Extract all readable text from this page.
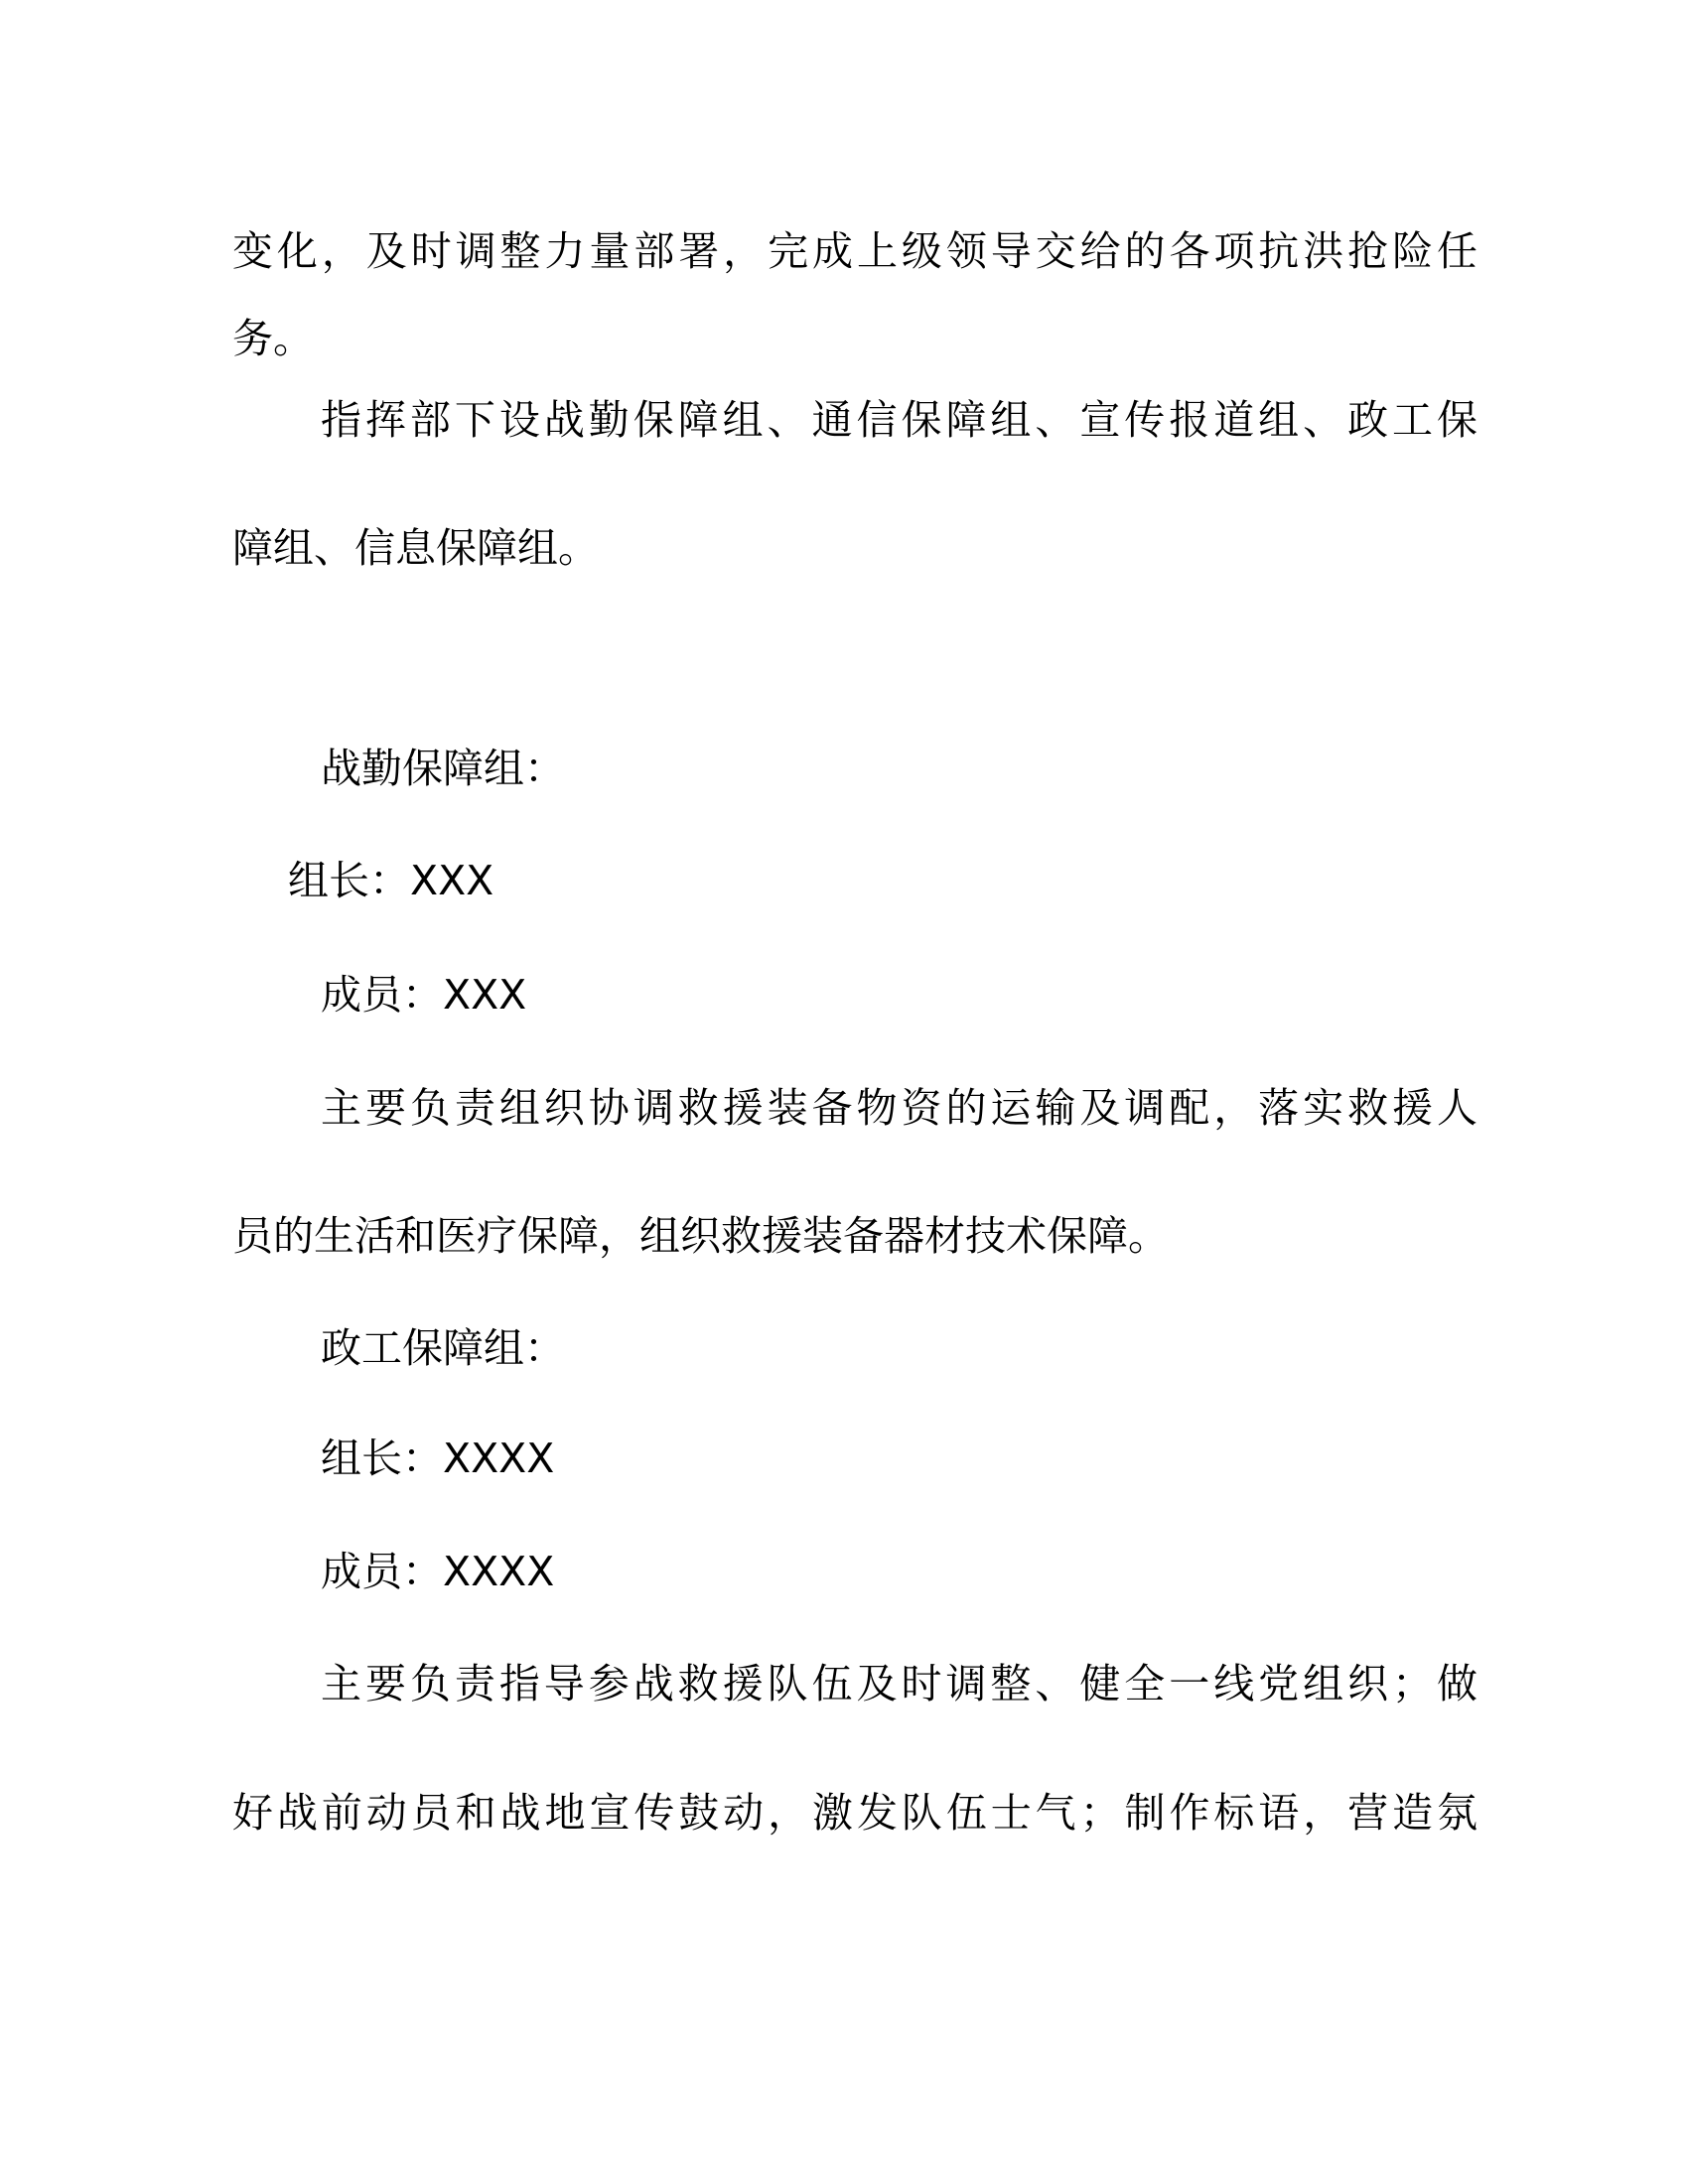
变化，及时调整力量部署，完成上级领导交给的各项抗洪抢险任
务。
指挥部下设战勤保障组、通信保障组、宣传报道组、政工保
障组、信息保障组。
战勤保障组：
组长：XXX
成员：XXX
主要负责组织协调救援装备物资的运输及调配，落实救援人
员的生活和医疗保障，组织救援装备器材技术保障。
政工保障组：
组长：XXXX
成员：XXXX
主要负责指导参战救援队伍及时调整、健全一线党组织；做
好战前动员和战地宣传鼓动，激发队伍士气；制作标语，营造氛
